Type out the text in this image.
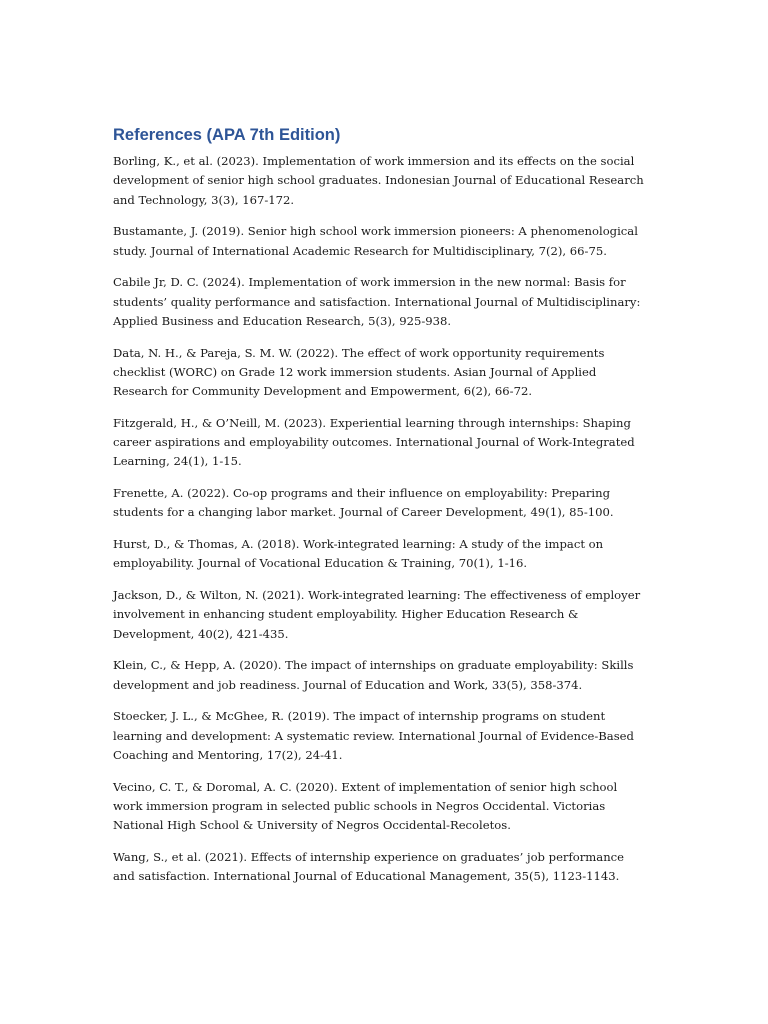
References (APA 7th Edition)
Borling, K., et al. (2023). Implementation of work immersion and its effects on the social development of senior high school graduates. Indonesian Journal of Educational Research and Technology, 3(3), 167-172.
Bustamante, J. (2019). Senior high school work immersion pioneers: A phenomenological study. Journal of International Academic Research for Multidisciplinary, 7(2), 66-75.
Cabile Jr, D. C. (2024). Implementation of work immersion in the new normal: Basis for students’ quality performance and satisfaction. International Journal of Multidisciplinary: Applied Business and Education Research, 5(3), 925-938.
Data, N. H., & Pareja, S. M. W. (2022). The effect of work opportunity requirements checklist (WORC) on Grade 12 work immersion students. Asian Journal of Applied Research for Community Development and Empowerment, 6(2), 66-72.
Fitzgerald, H., & O’Neill, M. (2023). Experiential learning through internships: Shaping career aspirations and employability outcomes. International Journal of Work-Integrated Learning, 24(1), 1-15.
Frenette, A. (2022). Co-op programs and their influence on employability: Preparing students for a changing labor market. Journal of Career Development, 49(1), 85-100.
Hurst, D., & Thomas, A. (2018). Work-integrated learning: A study of the impact on employability. Journal of Vocational Education & Training, 70(1), 1-16.
Jackson, D., & Wilton, N. (2021). Work-integrated learning: The effectiveness of employer involvement in enhancing student employability. Higher Education Research & Development, 40(2), 421-435.
Klein, C., & Hepp, A. (2020). The impact of internships on graduate employability: Skills development and job readiness. Journal of Education and Work, 33(5), 358-374.
Stoecker, J. L., & McGhee, R. (2019). The impact of internship programs on student learning and development: A systematic review. International Journal of Evidence-Based Coaching and Mentoring, 17(2), 24-41.
Vecino, C. T., & Doromal, A. C. (2020). Extent of implementation of senior high school work immersion program in selected public schools in Negros Occidental. Victorias National High School & University of Negros Occidental-Recoletos.
Wang, S., et al. (2021). Effects of internship experience on graduates’ job performance and satisfaction. International Journal of Educational Management, 35(5), 1123-1143.
